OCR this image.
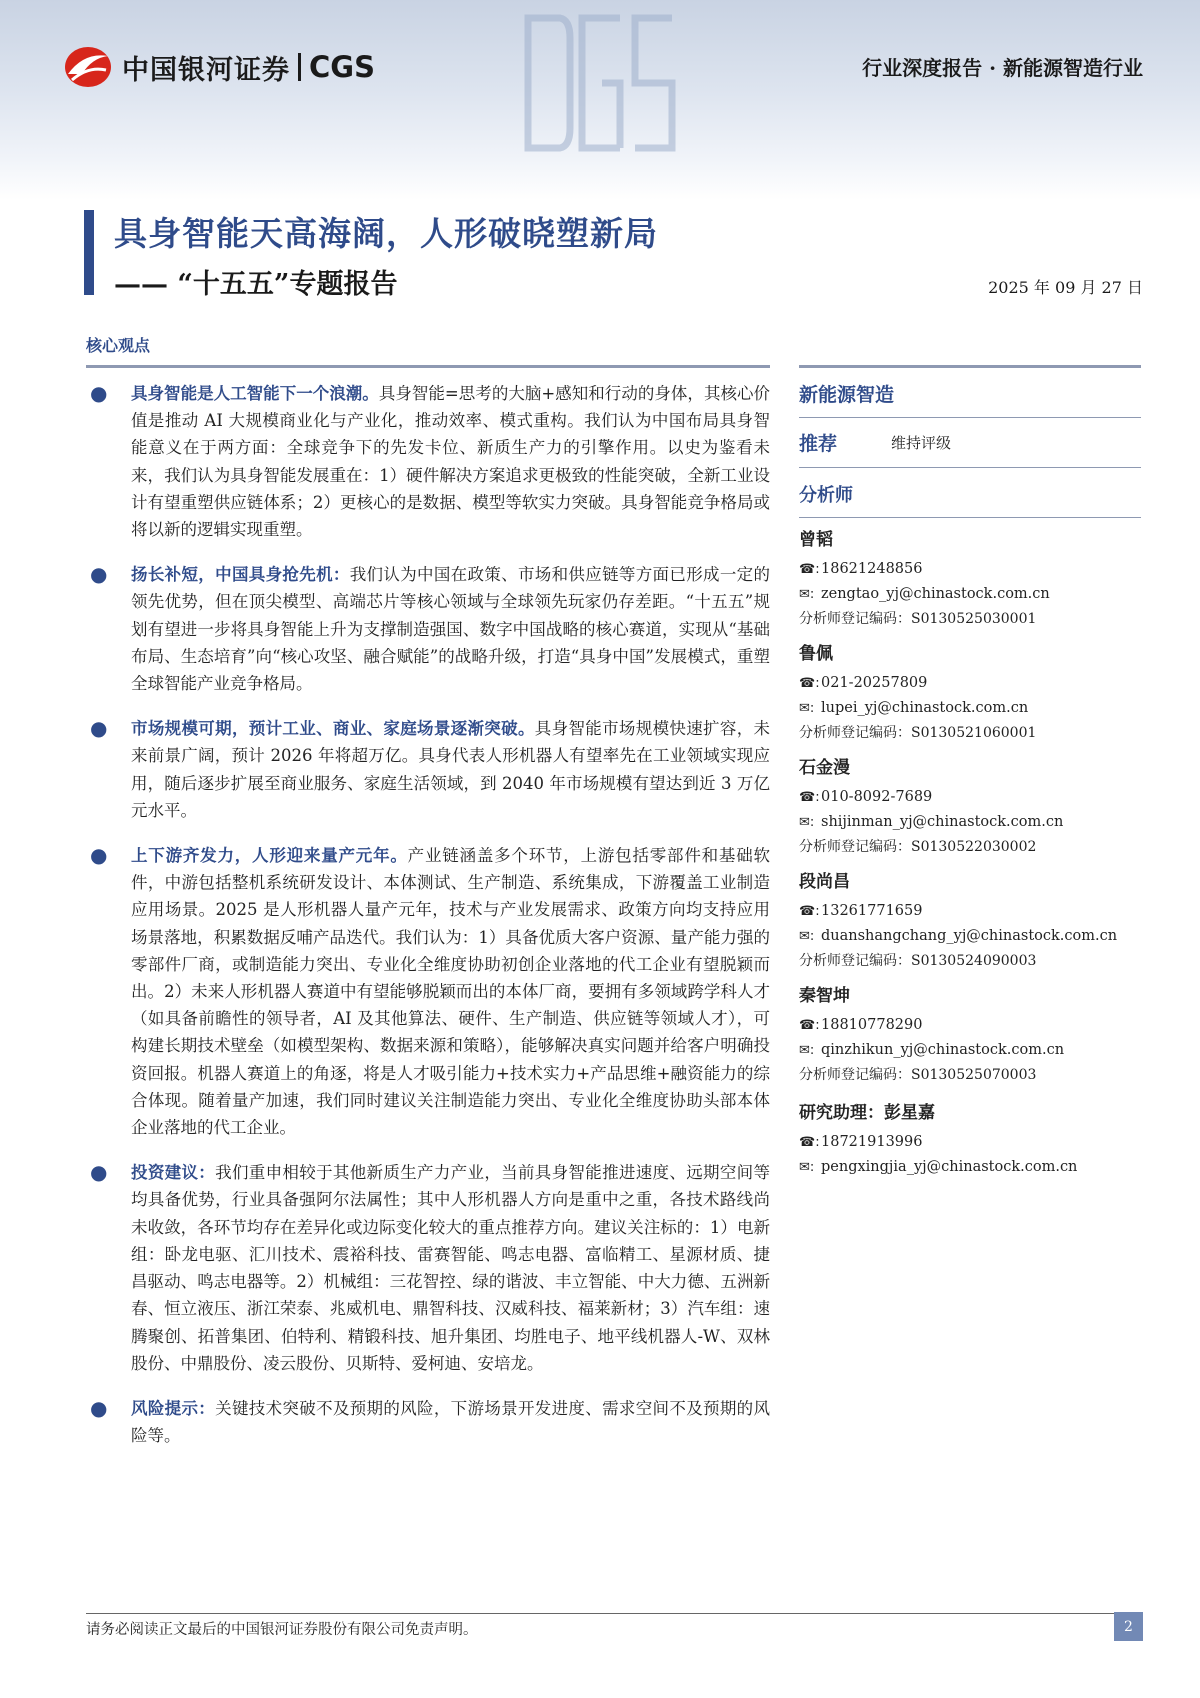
中国银河证券 CGS	行业深度报告 · 新能源智造行业
具身智能天高海阔，人形破晓塑新局
—— “十五五”专题报告	2025 年 09 月 27 日
核心观点
● 具身智能是人工智能下一个浪潮。具身智能=思考的大脑+感知和行动的身体，其核心价值是推动 AI 大规模商业化与产业化，推动效率、模式重构。我们认为中国布局具身智能意义在于两方面：全球竞争下的先发卡位、新质生产力的引擎作用。以史为鉴看未来，我们认为具身智能发展重在：1）硬件解决方案追求更极致的性能突破，全新工业设计有望重塑供应链体系；2）更核心的是数据、模型等软实力突破。具身智能竞争格局或将以新的逻辑实现重塑。
● 扬长补短，中国具身抢先机：我们认为中国在政策、市场和供应链等方面已形成一定的领先优势，但在顶尖模型、高端芯片等核心领域与全球领先玩家仍存差距。“十五五”规划有望进一步将具身智能上升为支撑制造强国、数字中国战略的核心赛道，实现从“基础布局、生态培育”向“核心攻坚、融合赋能”的战略升级，打造“具身中国”发展模式，重塑全球智能产业竞争格局。
● 市场规模可期，预计工业、商业、家庭场景逐渐突破。具身智能市场规模快速扩容，未来前景广阔，预计 2026 年将超万亿。具身代表人形机器人有望率先在工业领域实现应用，随后逐步扩展至商业服务、家庭生活领域，到 2040 年市场规模有望达到近 3 万亿元水平。
● 上下游齐发力，人形迎来量产元年。产业链涵盖多个环节，上游包括零部件和基础软件，中游包括整机系统研发设计、本体测试、生产制造、系统集成，下游覆盖工业制造应用场景。2025 是人形机器人量产元年，技术与产业发展需求、政策方向均支持应用场景落地，积累数据反哺产品迭代。我们认为：1）具备优质大客户资源、量产能力强的零部件厂商，或制造能力突出、专业化全维度协助初创企业落地的代工企业有望脱颖而出。2）未来人形机器人赛道中有望能够脱颖而出的本体厂商，要拥有多领域跨学科人才（如具备前瞻性的领导者，AI 及其他算法、硬件、生产制造、供应链等领域人才），可构建长期技术壁垒（如模型架构、数据来源和策略），能够解决真实问题并给客户明确投资回报。机器人赛道上的角逐，将是人才吸引能力+技术实力+产品思维+融资能力的综合体现。随着量产加速，我们同时建议关注制造能力突出、专业化全维度协助头部本体企业落地的代工企业。
● 投资建议：我们重申相较于其他新质生产力产业，当前具身智能推进速度、远期空间等均具备优势，行业具备强阿尔法属性；其中人形机器人方向是重中之重，各技术路线尚未收敛，各环节均存在差异化或边际变化较大的重点推荐方向。建议关注标的：1）电新组：卧龙电驱、汇川技术、震裕科技、雷赛智能、鸣志电器、富临精工、星源材质、捷昌驱动、鸣志电器等。2）机械组：三花智控、绿的谐波、丰立智能、中大力德、五洲新春、恒立液压、浙江荣泰、兆威机电、鼎智科技、汉威科技、福莱新材；3）汽车组：速腾聚创、拓普集团、伯特利、精锻科技、旭升集团、均胜电子、地平线机器人-W、双林股份、中鼎股份、凌云股份、贝斯特、爱柯迪、安培龙。
● 风险提示：关键技术突破不及预期的风险，下游场景开发进度、需求空间不及预期的风险等。
新能源智造
推荐	维持评级
分析师
曾韬
☎: 18621248856
✉: zengtao_yj@chinastock.com.cn
分析师登记编码：S0130525030001
鲁佩
☎: 021-20257809
✉: lupei_yj@chinastock.com.cn
分析师登记编码：S0130521060001
石金漫
☎: 010-8092-7689
✉: shijinman_yj@chinastock.com.cn
分析师登记编码：S0130522030002
段尚昌
☎: 13261771659
✉: duanshangchang_yj@chinastock.com.cn
分析师登记编码：S0130524090003
秦智坤
☎: 18810778290
✉: qinzhikun_yj@chinastock.com.cn
分析师登记编码：S0130525070003
研究助理：彭星嘉
☎: 18721913996
✉: pengxingjia_yj@chinastock.com.cn
请务必阅读正文最后的中国银河证券股份有限公司免责声明。	2
